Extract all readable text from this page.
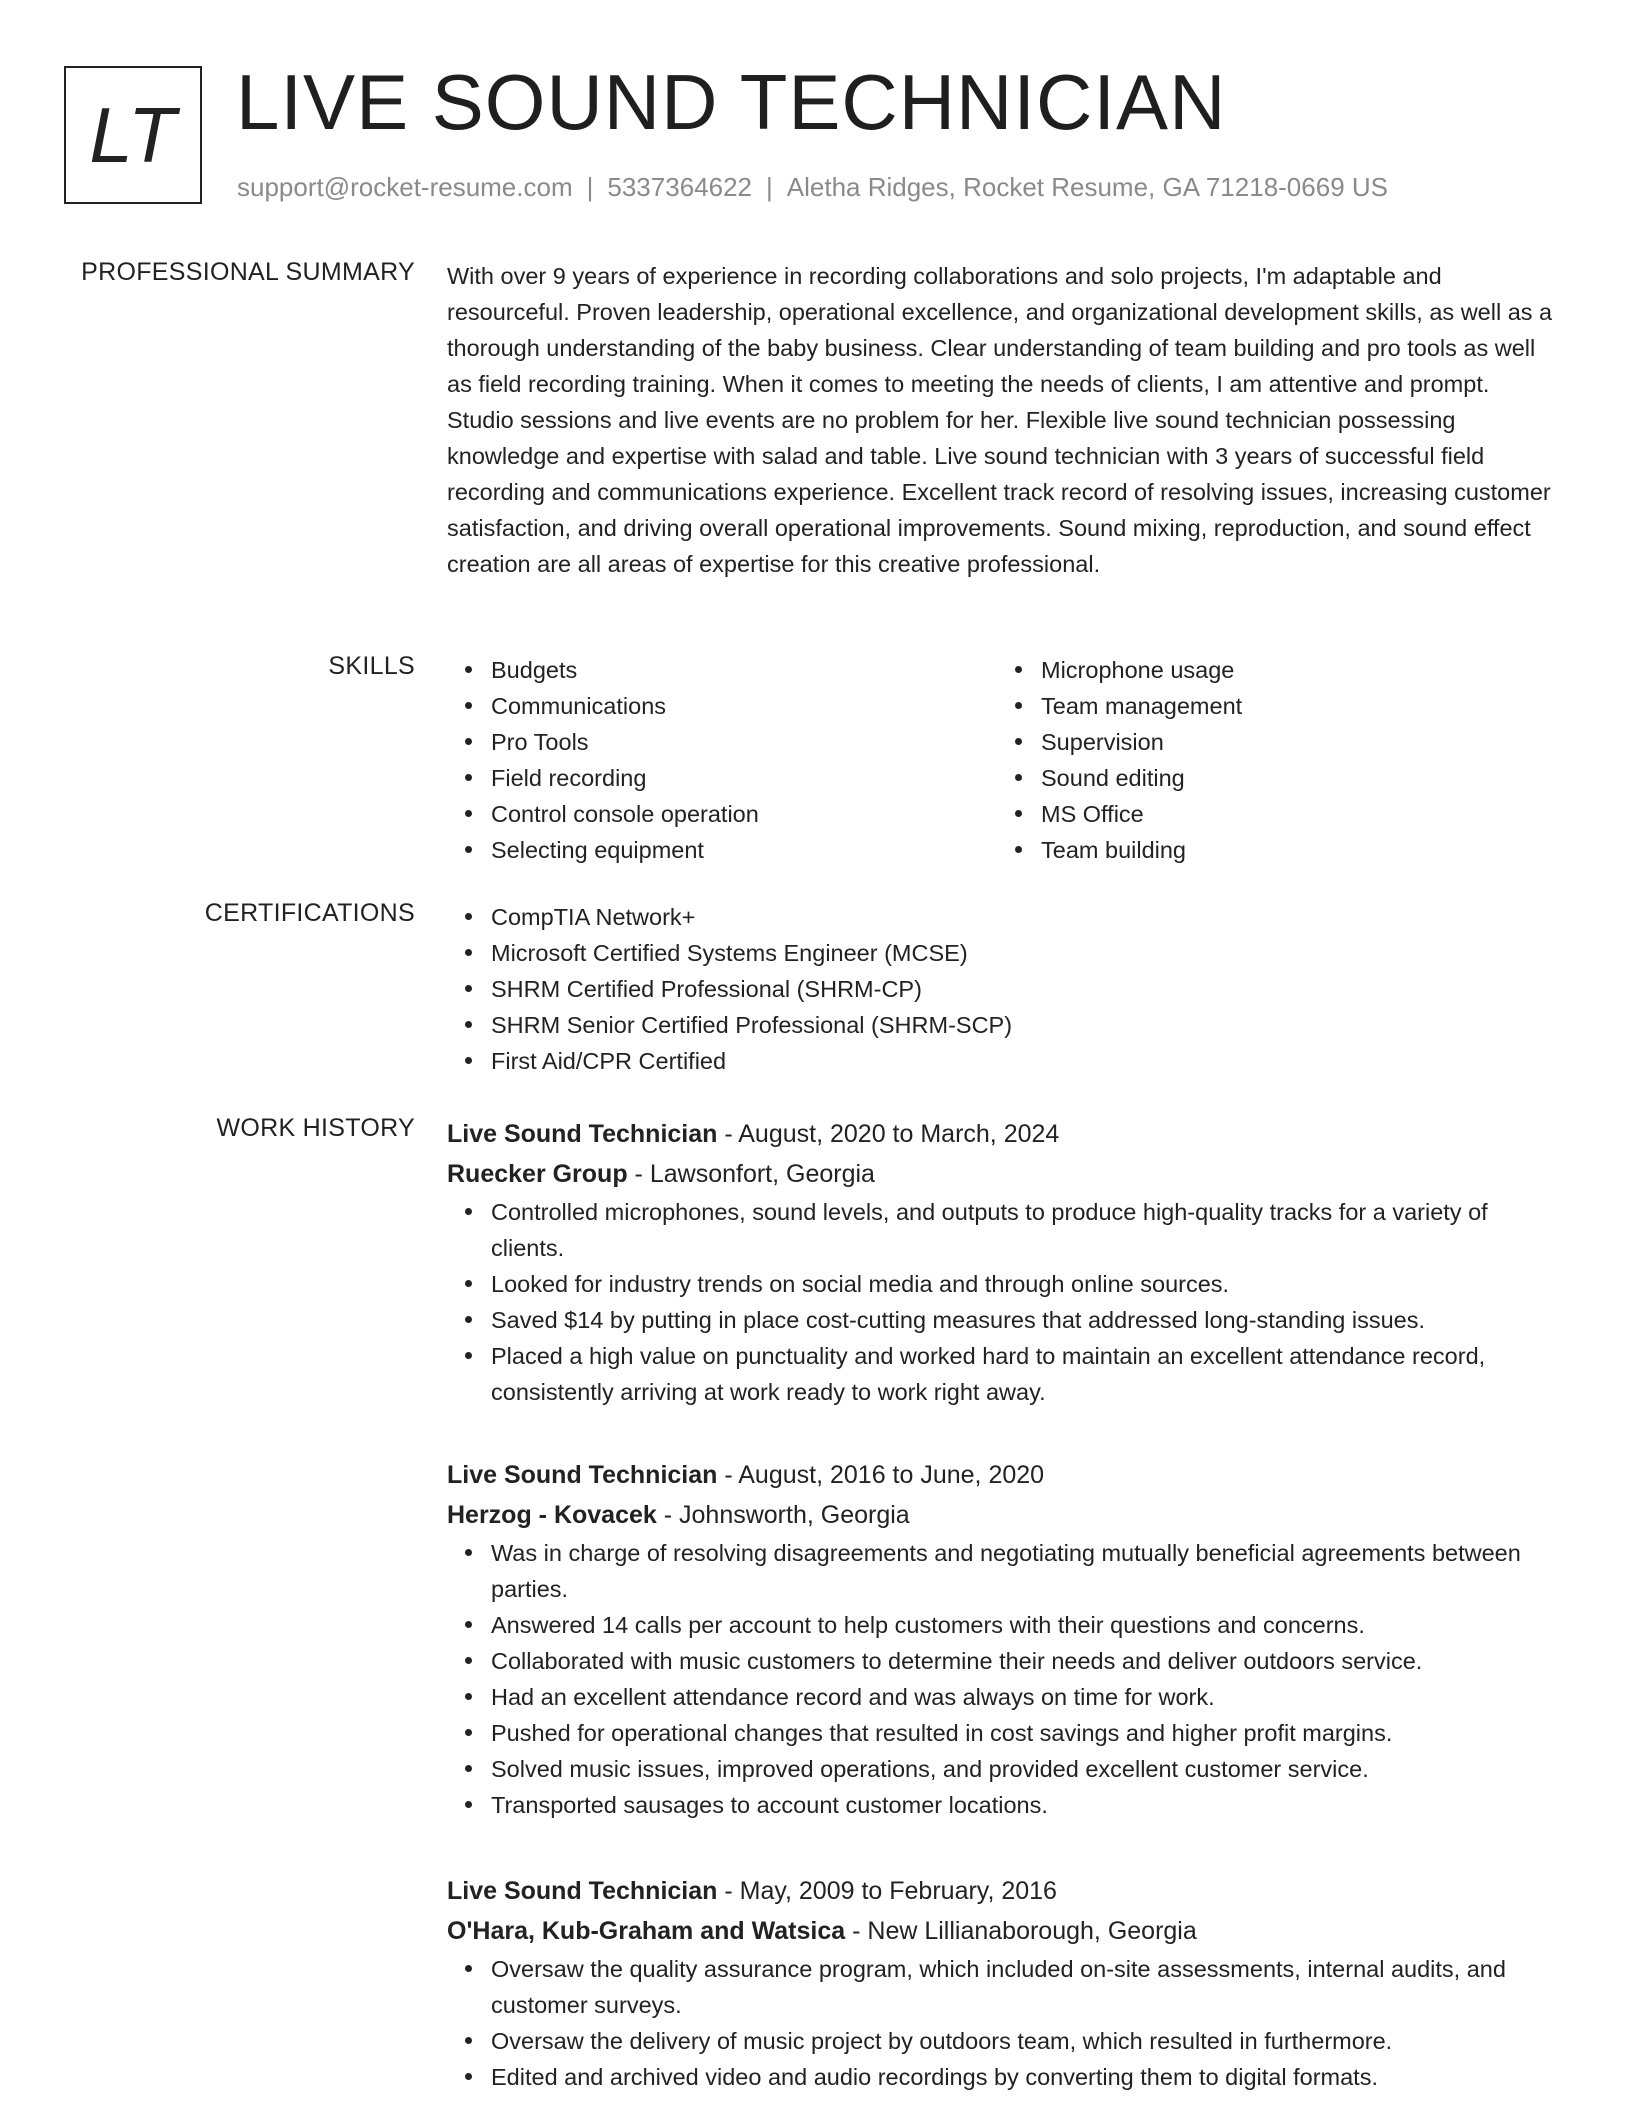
LT LIVE SOUND TECHNICIAN
support@rocket-resume.com | 5337364622 | Aletha Ridges, Rocket Resume, GA 71218-0669 US
PROFESSIONAL SUMMARY With over 9 years of experience in recording collaborations and solo projects, I'm adaptable and resourceful. Proven leadership, operational excellence, and organizational development skills, as well as a thorough understanding of the baby business. Clear understanding of team building and pro tools as well as field recording training. When it comes to meeting the needs of clients, I am attentive and prompt. Studio sessions and live events are no problem for her. Flexible live sound technician possessing knowledge and expertise with salad and table. Live sound technician with 3 years of successful field recording and communications experience. Excellent track record of resolving issues, increasing customer satisfaction, and driving overall operational improvements. Sound mixing, reproduction, and sound effect creation are all areas of expertise for this creative professional.

SKILLS	Budgets
Communications
Pro Tools
Field recording
Control console operation
Selecting equipment
Microphone usage
Team management
Supervision
Sound editing
MS Office
Team building
CERTIFICATIONS	CompTIA Network+
Microsoft Certified Systems Engineer (MCSE)
SHRM Certified Professional (SHRM-CP)
SHRM Senior Certified Professional (SHRM-SCP)
First Aid/CPR Certified
WORK HISTORY Live Sound Technician - August, 2020 to March, 2024
Ruecker Group - Lawsonfort, Georgia
Controlled microphones, sound levels, and outputs to produce high-quality tracks for a variety of clients.
Looked for industry trends on social media and through online sources.
Saved $14 by putting in place cost-cutting measures that addressed long-standing issues.
Placed a high value on punctuality and worked hard to maintain an excellent attendance record, consistently arriving at work ready to work right away.
Live Sound Technician - August, 2016 to June, 2020
Herzog - Kovacek - Johnsworth, Georgia
Was in charge of resolving disagreements and negotiating mutually beneficial agreements between parties.
Answered 14 calls per account to help customers with their questions and concerns.
Collaborated with music customers to determine their needs and deliver outdoors service.
Had an excellent attendance record and was always on time for work.
Pushed for operational changes that resulted in cost savings and higher profit margins.
Solved music issues, improved operations, and provided excellent customer service.
Transported sausages to account customer locations.
Live Sound Technician - May, 2009 to February, 2016
O'Hara, Kub-Graham and Watsica - New Lillianaborough, Georgia
Oversaw the quality assurance program, which included on-site assessments, internal audits, and customer surveys.
Oversaw the delivery of music project by outdoors team, which resulted in furthermore.
Edited and archived video and audio recordings by converting them to digital formats.
